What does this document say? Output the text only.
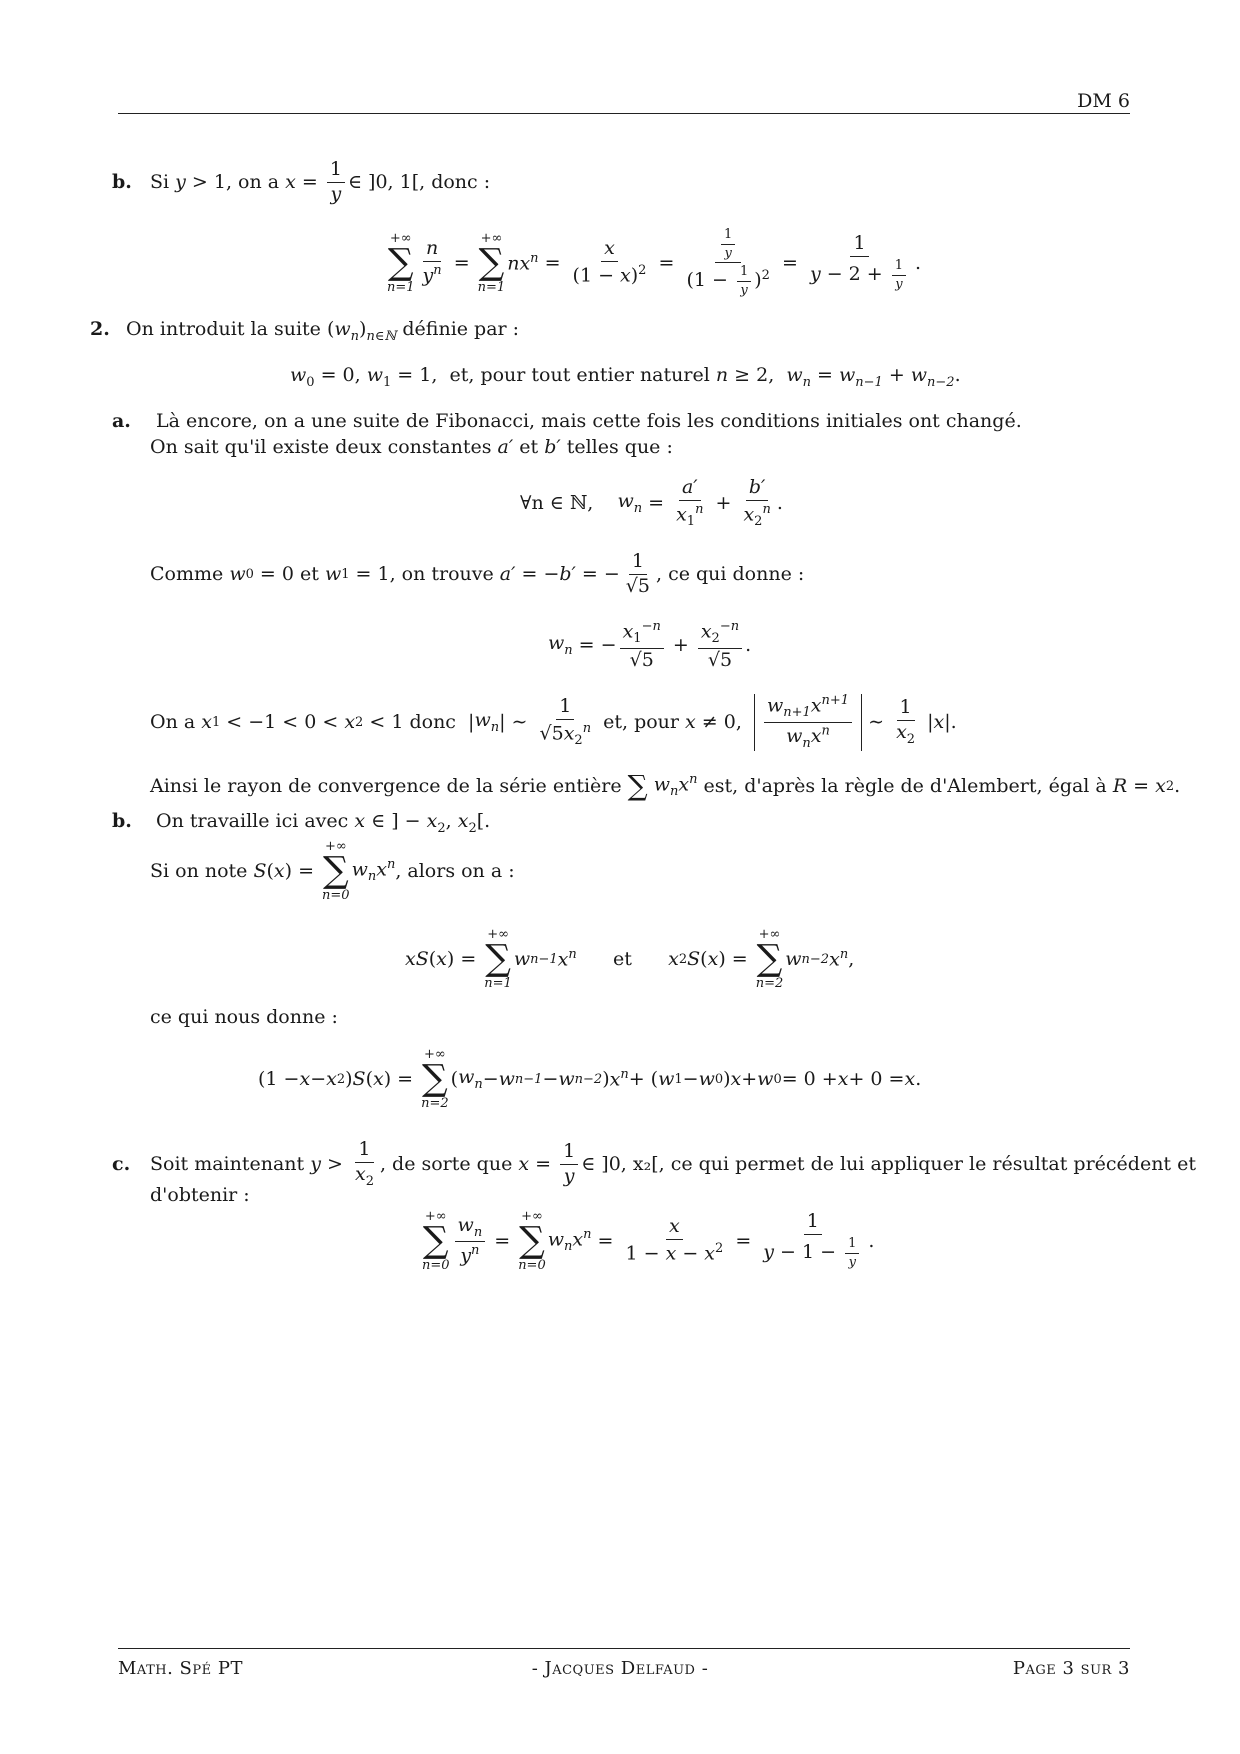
DM 6
b. Si
y > 1, on a $x = \frac{1}{y}$ ∈ ]0, 1[, donc :
+∞
∑
n=1
$\frac{n}{y^n}$ =
+∞
∑
n=1
$nx^n = \frac{x}{(1 - x)^2} = \frac{\frac{1}{y}}{(1 - \frac{1}{y} )^2} = \frac{1}{y - 2 + \frac{1}{y}}$ .
2. On introduit la suite $(w_n)_{n\in ℕ}$ définie par :
$w_0 = 0$, $w_1 = 1$,  et, pour tout entier naturel n ≥ 2, $w_n = w_{n-1} + w_{n-2}$.
a. Là encore, on a une suite de Fibonacci, mais cette fois les conditions initiales ont changé.
On sait qu'il existe deux constantes a′ et b′ telles que :
∀n ∈ ℕ,
$w_n = \frac{a'}{x_1^n} + \frac{b'}{x_2^n}$ .
Comme
w 0 = 0 et
w 1 = 1 , on trouve
a′ = − b′ = − $\frac{1}{√5}$ , ce qui donne :
$w_n$ = − $\frac{x_1^{-n}}{√5} + \frac{x_2^{-n}}{√5}$ .
On a
x 1 < −1 < 0 < x 2 < 1 donc | $w_n$ | ∼ $\frac{1}{√5x_2^n}$
et, pour
x ≠ 0, $\frac{w_{n+1}x^{n+1}}{w_nx^n}$ ∼ $\frac{1}{x_2}$ | x |.
Ainsi le rayon de convergence de la série entière
∑
$w_nx^n$
est, d'après la règle de d'Alembert, égal à
R = x 2 .
b. On travaille ici avec x ∈ ] − $x_2$, $x_2$[.
Si on note
S ( x ) =
+∞
∑
n=0
$w_nx^n$ , alors on a :
xS ( x ) =
+∞
∑
n=1
w n−1 $x^n$
et
x 2 S ( x ) =
+∞
∑
n=2
w n−2 $x^n$ ,
ce qui nous donne :
(1 − x − x 2 ) S ( x ) =
+∞
∑
n=2
( $w_n - w$ n−1 − w n−2 ) $x^n$ + ( w 1 − w 0 ) x + w 0 = 0 + x + 0 = x .
c.	Soit maintenant
$y > \frac{1}{x_2}$ , de sorte que
$x = \frac{1}{y}$ ∈ ]0, x₂[, ce qui permet de lui appliquer le résultat précédent et
d'obtenir :
+∞
∑
$n=0 \frac{w_n}{y^n}$ =
+∞
∑
n=0
$w_nx^n = \frac{x}{1 - x - x^2} = \frac{1}{y - 1 - \frac{1}{y}}$ .
Math. Spé PT	- Jacques Delfaud -	Page 3 sur 3
